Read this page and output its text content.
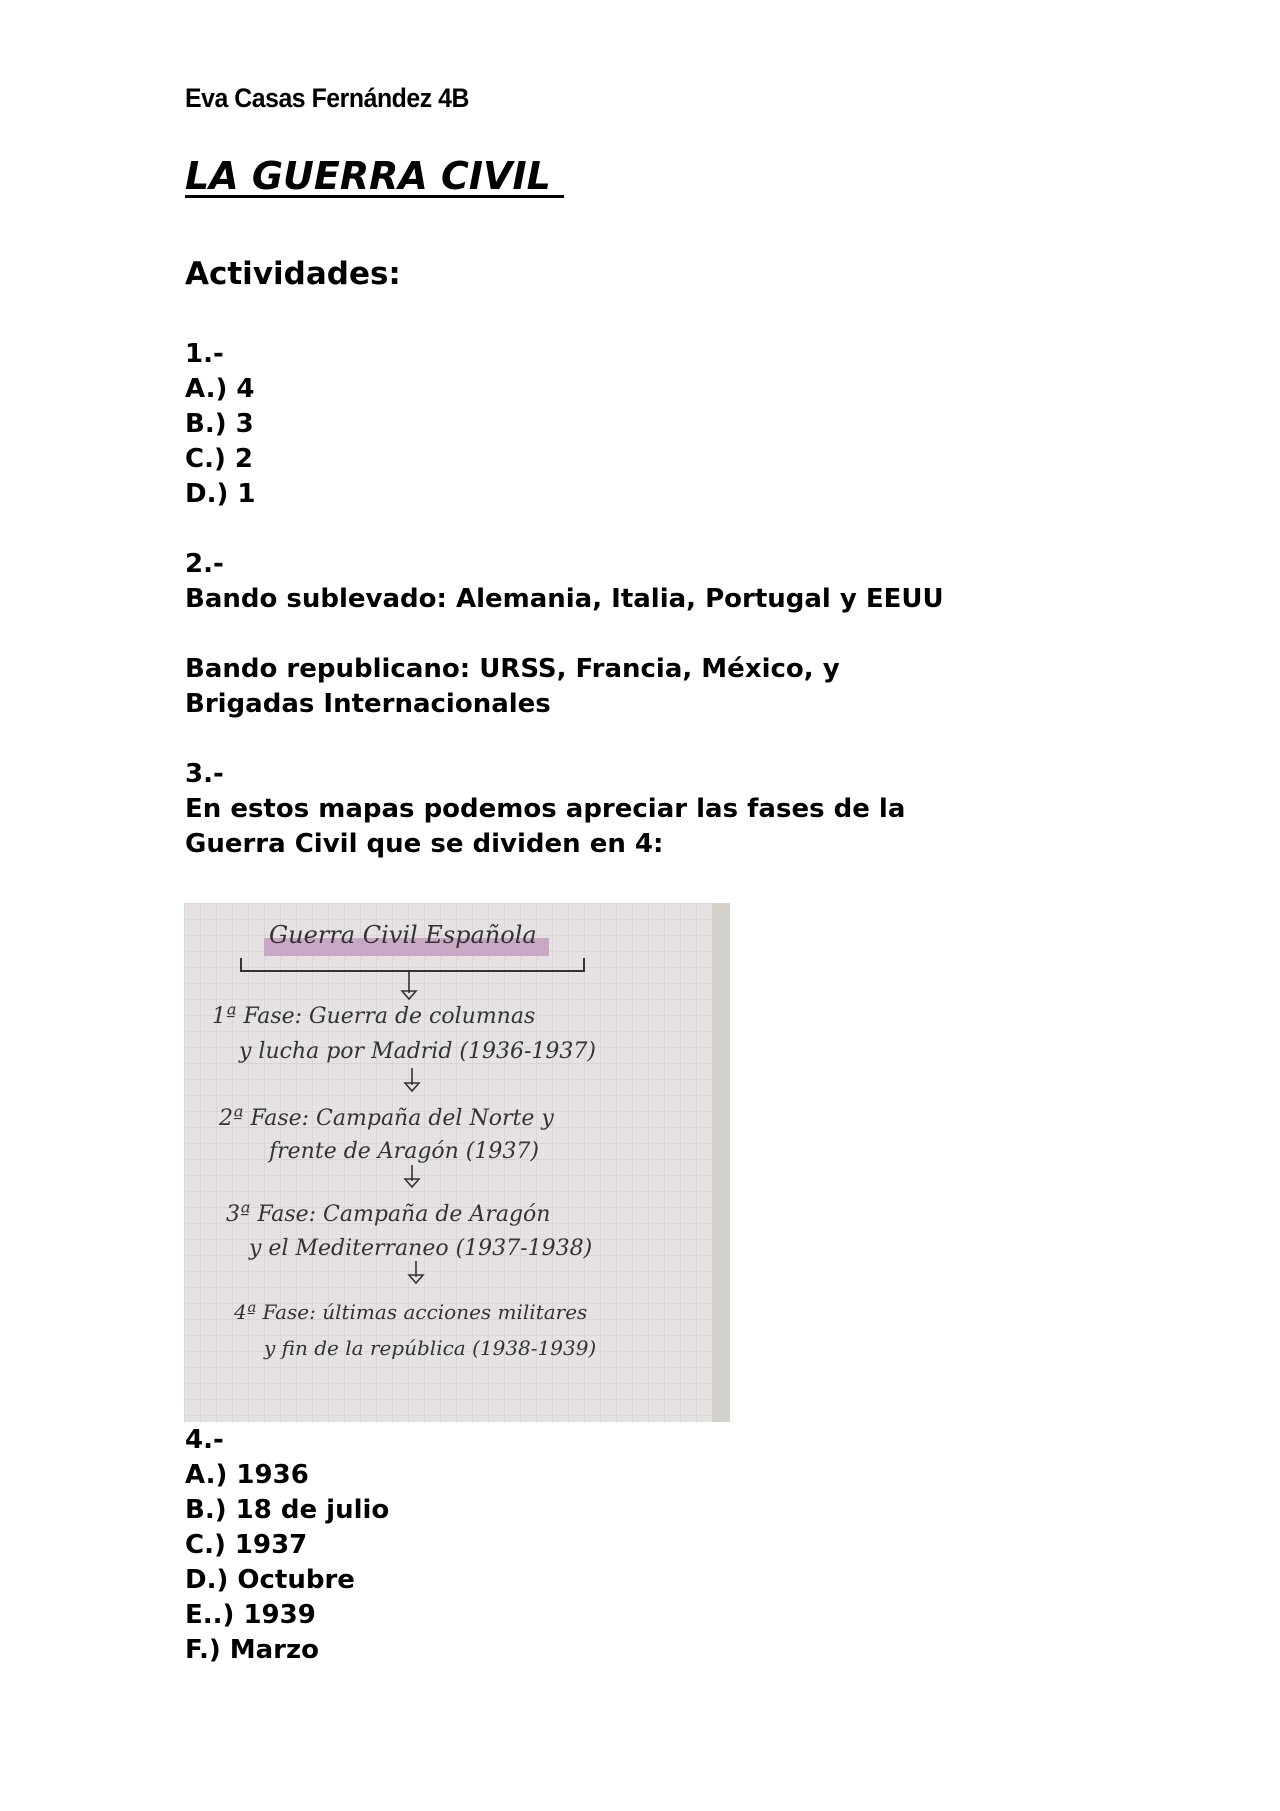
Eva Casas Fernández 4B
LA GUERRA CIVIL
Actividades:
1.-
A.) 4
B.) 3
C.) 2
D.) 1
2.-
Bando sublevado: Alemania, Italia, Portugal y EEUU
Bando republicano: URSS, Francia, México, y
Brigadas Internacionales
3.-
En estos mapas podemos apreciar las fases de la
Guerra Civil que se dividen en 4:
Guerra Civil Española
1ª Fase: Guerra de columnas
y lucha por Madrid (1936-1937)
2ª Fase: Campaña del Norte y
frente de Aragón (1937)
3ª Fase: Campaña de Aragón
y el Mediterraneo (1937-1938)
4ª Fase: últimas acciones militares
y fin de la república (1938-1939)
4.-
A.) 1936
B.) 18 de julio
C.) 1937
D.) Octubre
E..) 1939
F.) Marzo
